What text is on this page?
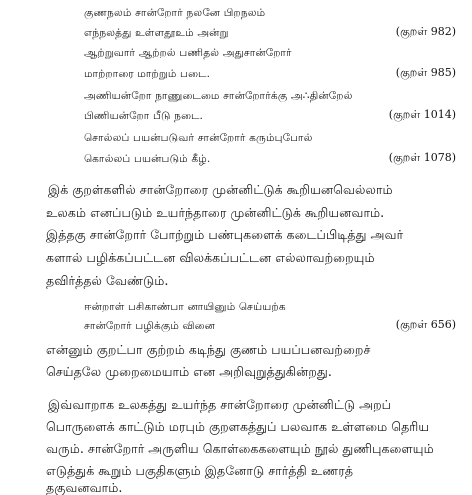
குணநலம் சான்றோர் நலனே பிறநலம்
எந்நலத்து உள்ளதூஉம் அன்று	(குறள் 982)
ஆற்றுவார் ஆற்றல் பணிதல் அதுசான்றோர்
மாற்றாரை மாற்றும் படை.	(குறள் 985)
அணியன்றோ நாணுடைமை சான்றோர்க்கு அ∴தின்றேல்
பிணியன்றோ பீடு நடை.	(குறள் 1014)
சொல்லப் பயன்படுவர் சான்றோர் கரும்புபோல்
கொல்லப் பயன்படும் கீழ்.	(குறள் 1078)
இக் குறள்களில் சான்றோரை முன்னிட்டுக் கூறியனவெல்லாம்
உலகம் எனப்படும் உயர்ந்தாரை முன்னிட்டுக் கூறியனவாம்.
இத்தகு சான்றோர் போற்றும் பண்புகளைக் கடைப்பிடித்து அவர்
களால் பழிக்கப்பட்டன விலக்கப்பட்டன எல்லாவற்றையும்
தவிர்த்தல் வேண்டும்.
ஈன்றாள் பசிகாண்பா னாயினும் செய்யற்க
சான்றோர் பழிக்கும் வினை	(குறள் 656)
என்னும் குறட்பா குற்றம் கடிந்து குணம் பயப்பனவற்றைச்
செய்தலே முறைமையாம் என அறிவுறுத்துகின்றது.
இவ்வாறாக உலகத்து உயர்ந்த சான்றோரை முன்னிட்டு அறப்
பொருளைக் காட்டும் மரபும் குறளகத்துப் பலவாக உள்ளமை தெரிய
வரும். சான்றோர் அருளிய கொள்கைகளையும் நூல் துணிபுகளையும்
எடுத்துக் கூறும் பகுதிகளும் இதனோடு சார்த்தி உணரத்
தகுவனவாம்.
